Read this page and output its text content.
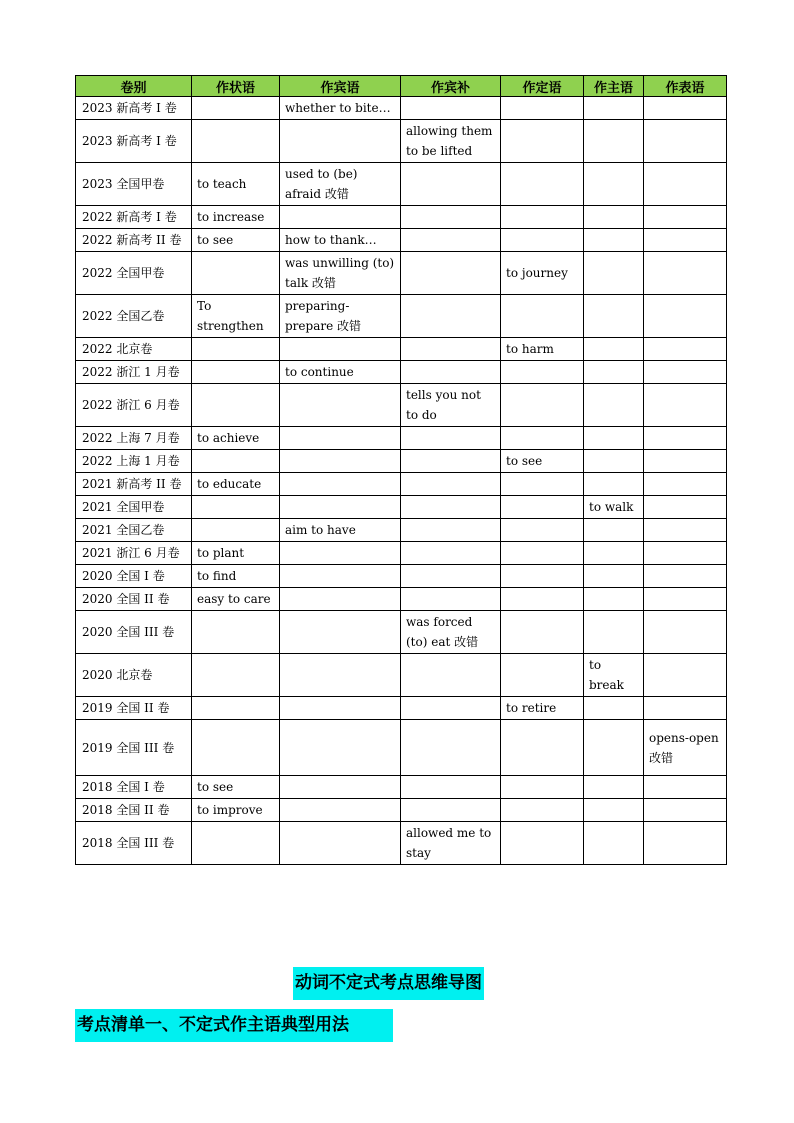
卷别	作状语	作宾语	作宾补	作定语	作主语	作表语
2023 新高考 I 卷		whether to bite…				
2023 新高考 I 卷			allowing them to be lifted			
2023 全国甲卷	to teach	used to (be) afraid 改错				
2022 新高考 I 卷	to increase					
2022 新高考 II 卷	to see	how to thank…				
2022 全国甲卷		was unwilling (to) talk 改错		to journey		
2022 全国乙卷	To strengthen	preparing-prepare 改错				
2022 北京卷				to harm		
2022 浙江 1 月卷		to continue				
2022 浙江 6 月卷			tells you not to do			
2022 上海 7 月卷	to achieve					
2022 上海 1 月卷				to see		
2021 新高考 II 卷	to educate					
2021 全国甲卷					to walk	
2021 全国乙卷		aim to have				
2021 浙江 6 月卷	to plant					
2020 全国 I 卷	to find					
2020 全国 II 卷	easy to care					
2020 全国 III 卷			was forced (to) eat 改错			
2020 北京卷					to break	
2019 全国 II 卷				to retire		
2019 全国 III 卷						opens-open 改错
2018 全国 I 卷	to see					
2018 全国 II 卷	to improve					
2018 全国 III 卷			allowed me to stay			
动词不定式考点思维导图
考点清单一、不定式作主语典型用法
